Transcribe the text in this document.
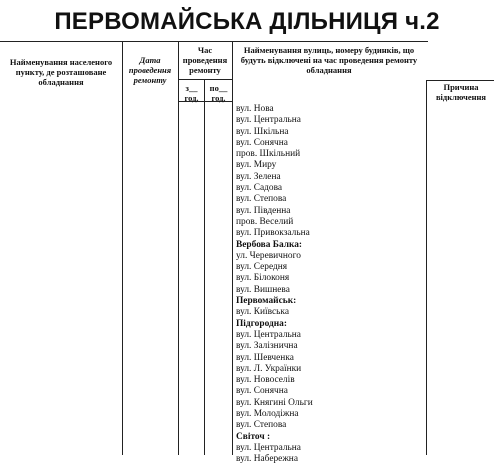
ПЕРВОМАЙСЬКА ДІЛЬНИЦЯ ч.2
Найменування населеного пункту, де розташоване обладнання
Дата проведення ремонту
Час проведення ремонту
з__ год.
по__ год.
Найменування вулиць, номеру будинків, що будуть відключені на час проведення ремонту обладнання
Причина відключення
вул. Нова
вул. Центральна
вул. Шкільна
вул. Сонячна
пров. Шкільний
вул. Миру
вул. Зелена
вул. Садова
вул. Степова
вул. Південна
пров. Веселий
вул. Привокзальна
Вербова Балка:
ул. Черевичного
вул. Середня
вул. Білоконя
вул. Вишнева
Первомайськ:
вул. Київська
Підгородна:
вул. Центральна
вул. Залізнична
вул. Шевченка
вул. Л. Українки
вул. Новоселів
вул. Сонячна
вул. Княгині Ольги
вул. Молодіжна
вул. Степова
Світоч :
вул. Центральна
вул. Набережна
